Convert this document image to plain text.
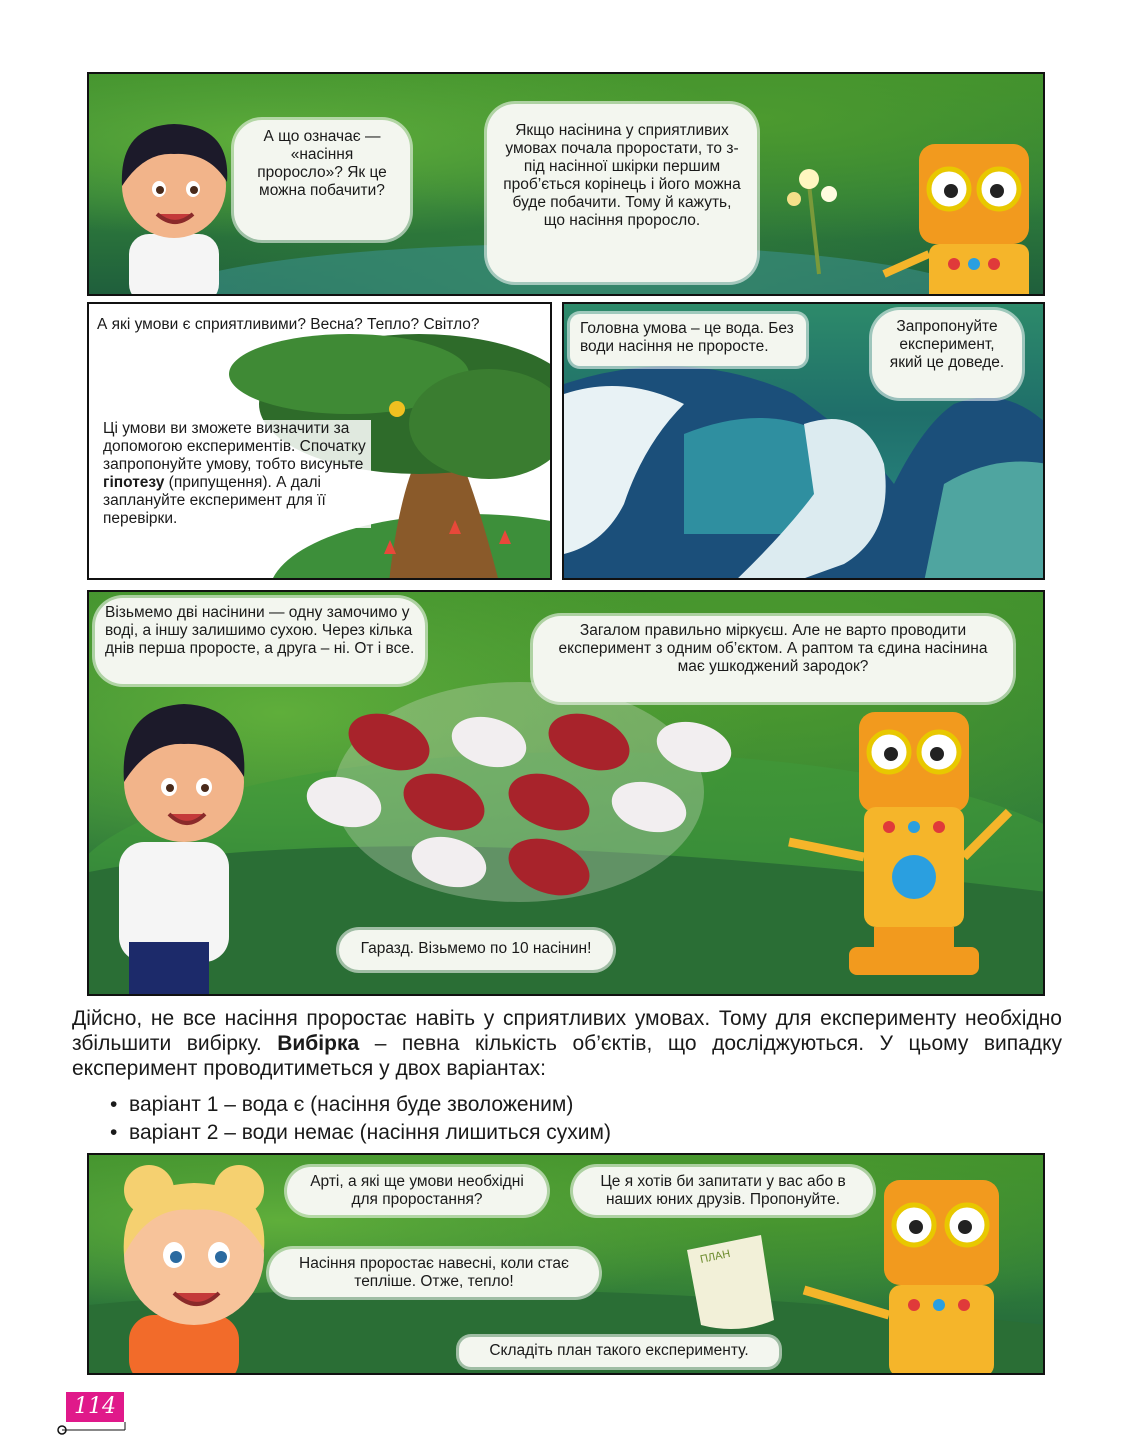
А що означає — «насіння проросло»? Як це можна побачити?
Якщо насінина у сприятливих умовах почала проростати, то з-під насінної шкірки першим проб’ється корінець і його можна буде побачити. Тому й кажуть, що насіння проросло.
А які умови є сприятливими? Весна? Тепло? Світло?
Ці умови ви зможете визначити за допомогою експериментів. Спочатку запропонуйте умову, тобто висуньте гіпотезу (припущення). А далі заплануйте експеримент для її перевірки.
Головна умова – це вода. Без води насіння не проросте.
Запропонуйте експеримент, який це доведе.
Візьмемо дві насінини — одну замочимо у воді, а іншу залишимо сухою. Через кілька днів перша проросте, а друга – ні. От і все.
Загалом правильно міркуєш. Але не варто проводити експеримент з одним об’єктом. А раптом та єдина насінина має ушкоджений зародок?
Гаразд. Візьмемо по 10 насінин!
Дійсно, не все насіння проростає навіть у сприятливих умовах. Тому для експерименту необхідно збільшити вибірку. Вибірка – певна кількість об’єктів, що досліджуються. У цьому випадку експеримент проводитиметься у двох варіантах:
•  варіант 1 – вода є (насіння буде зволоженим)
•  варіант 2 – води немає (насіння лишиться сухим)
ПЛАН
Арті, а які ще умови необхідні для проростання?
Це я хотів би запитати у вас або в наших юних друзів. Пропонуйте.
Насіння проростає навесні, коли стає тепліше. Отже, тепло!
Складіть план такого експерименту.
114
